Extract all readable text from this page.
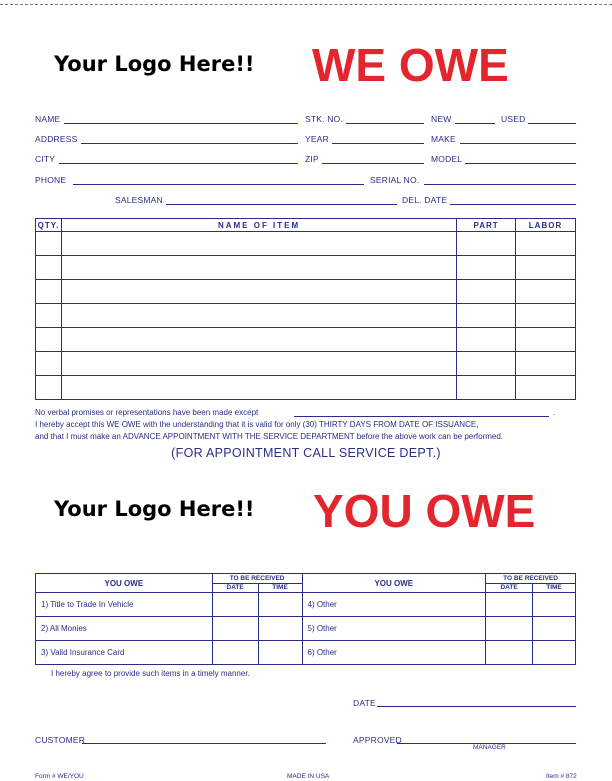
Your Logo Here!! WE OWE
NAME	STK. NO.	NEW	USED
ADDRESS	YEAR	MAKE
CITY	ZIP	MODEL
PHONE	SERIAL NO.
SALESMAN	DEL. DATE
QTY.	NAME OF ITEM	PART	LABOR

No verbal promises or representations have been made except	.
I hereby accept this WE OWE with the understanding that it is valid for only (30) THIRTY DAYS FROM DATE OF ISSUANCE,
and that I must make an ADVANCE APPOINTMENT WITH THE SERVICE DEPARTMENT before the above work can be performed.
(FOR APPOINTMENT CALL SERVICE DEPT.)
Your Logo Here!! YOU OWE
YOU OWE	TO BE RECEIVED		YOU OWE	TO BE RECEIVED	
	DATE	TIME		DATE	TIME
1) Title to Trade In Vehicle			4) Other		
2) All Monies			5) Other		
3) Valid Insurance Card			6) Other		
I hereby agree to provide such items in a timely manner.
DATE
CUSTOMER	APPROVED
MANAGER
Form # WE/YOU	MADE IN USA	Item # 872
